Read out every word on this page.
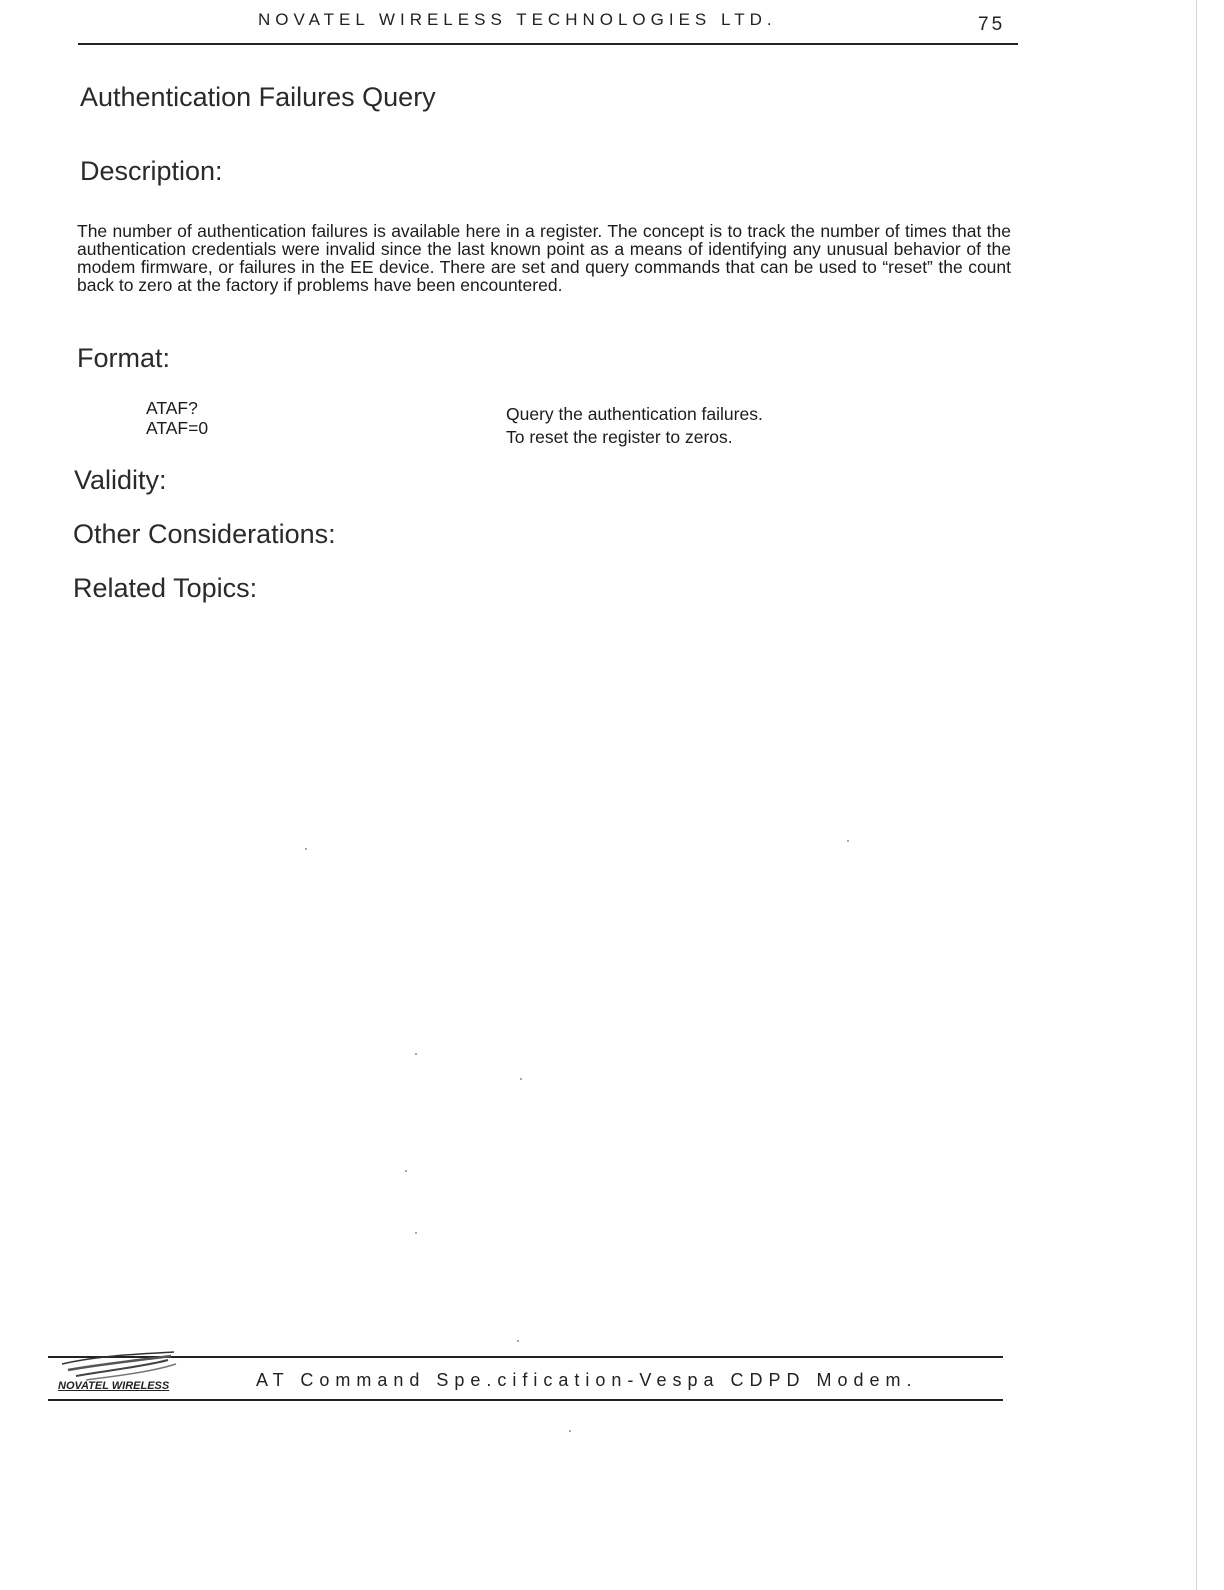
NOVATEL WIRELESS TECHNOLOGIES LTD.	75
Authentication Failures Query
Description:
The number of authentication failures is available here in a register. The concept is to track the number of times that the authentication credentials were invalid since the last known point as a means of identifying any unusual behavior of the modem firmware, or failures in the EE device. There are set and query commands that can be used to “reset” the count back to zero at the factory if problems have been encountered.
Format:
ATAF?	Query the authentication failures.
ATAF=0	To reset the register to zeros.
Validity:
Other Considerations:
Related Topics:
NOVATEL WIRELESS	AT Command Spe.cification-Vespa CDPD Modem.
